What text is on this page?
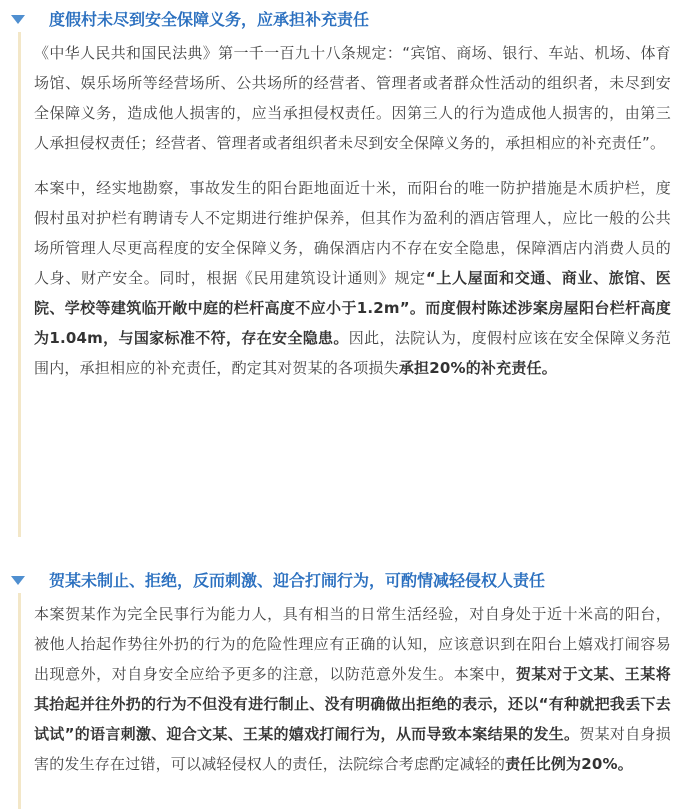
度假村未尽到安全保障义务，应承担补充责任

《中华人民共和国民法典》第一千一百九十八条规定：“宾馆、商场、银行、车站、机场、体育场馆、娱乐场所等经营场所、公共场所的经营者、管理者或者群众性活动的组织者，未尽到安全保障义务，造成他人损害的，应当承担侵权责任。因第三人的行为造成他人损害的，由第三人承担侵权责任；经营者、管理者或者组织者未尽到安全保障义务的，承担相应的补充责任”。

本案中，经实地勘察，事故发生的阳台距地面近十米，而阳台的唯一防护措施是木质护栏，度假村虽对护栏有聘请专人不定期进行维护保养，但其作为盈利的酒店管理人，应比一般的公共场所管理人尽更高程度的安全保障义务，确保酒店内不存在安全隐患，保障酒店内消费人员的人身、财产安全。同时，根据《民用建筑设计通则》规定“上人屋面和交通、商业、旅馆、医院、学校等建筑临开敞中庭的栏杆高度不应小于1.2m”。而度假村陈述涉案房屋阳台栏杆高度为1.04m，与国家标准不符，存在安全隐患。因此，法院认为，度假村应该在安全保障义务范围内，承担相应的补充责任，酌定其对贺某的各项损失承担20%的补充责任。

贺某未制止、拒绝，反而刺激、迎合打闹行为，可酌情减轻侵权人责任

本案贺某作为完全民事行为能力人，具有相当的日常生活经验，对自身处于近十米高的阳台，被他人抬起作势往外扔的行为的危险性理应有正确的认知，应该意识到在阳台上嬉戏打闹容易出现意外，对自身安全应给予更多的注意，以防范意外发生。本案中，贺某对于文某、王某将其抬起并往外扔的行为不但没有进行制止、没有明确做出拒绝的表示，还以“有种就把我丢下去试试”的语言刺激、迎合文某、王某的嬉戏打闹行为，从而导致本案结果的发生。贺某对自身损害的发生存在过错，可以减轻侵权人的责任，法院综合考虑酌定减轻的责任比例为20%。
